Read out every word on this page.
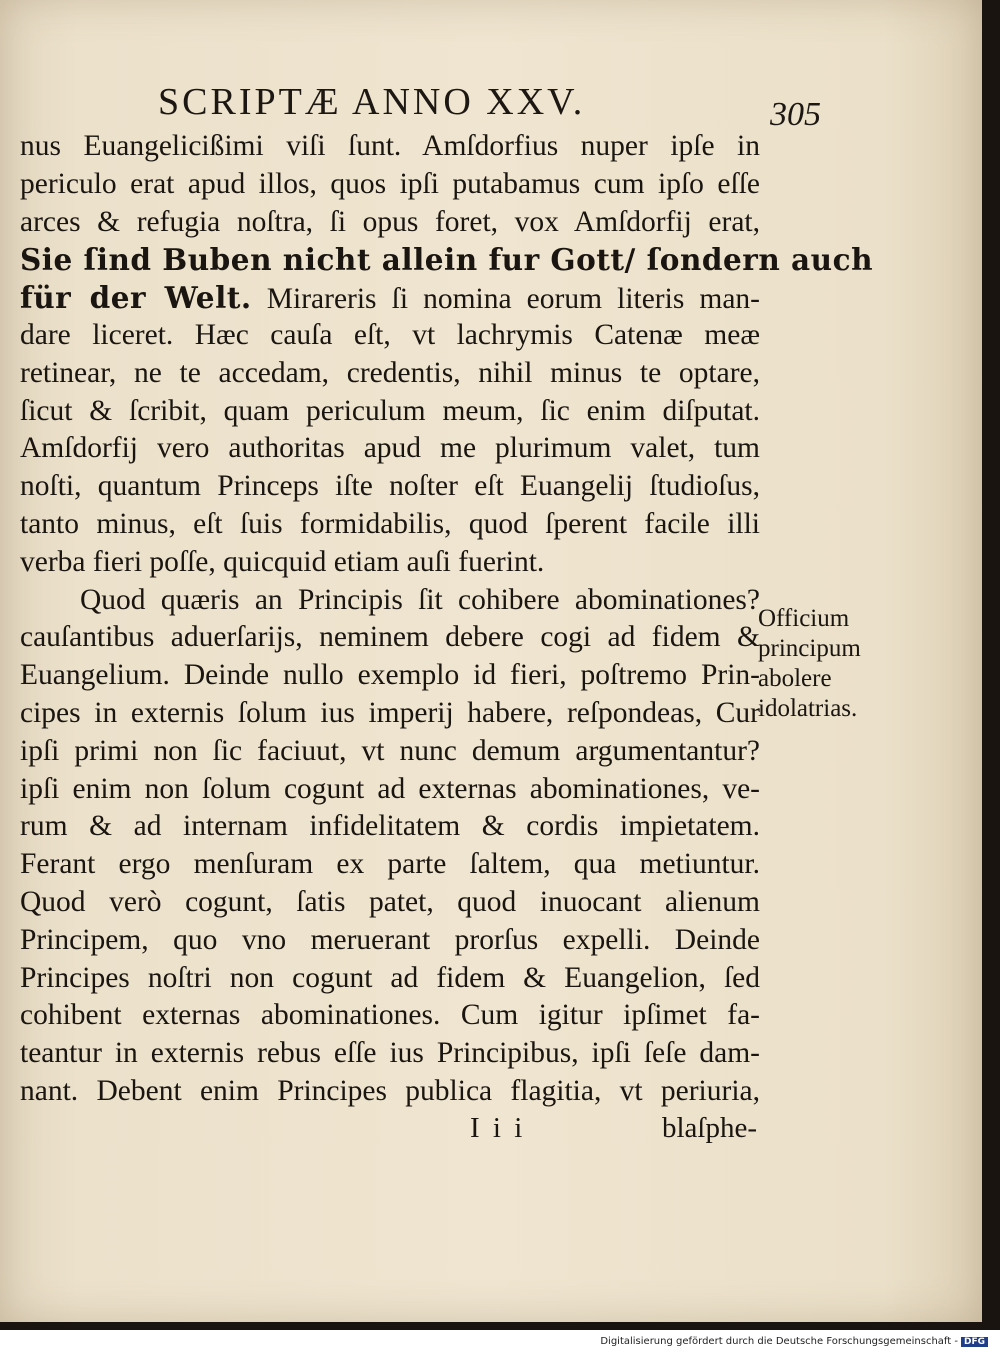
SCRIPTÆ ANNO XXV.	305
nus Euangelicißimi viſi ſunt. Amſdorfius nuper ipſe in
periculo erat apud illos, quos ipſi putabamus cum ipſo eſſe
arces & refugia noſtra, ſi opus foret, vox Amſdorfij erat,
Sie ſind Buben nicht allein fur Gott/ ſondern auch
für der Welt. Mirareris ſi nomina eorum literis man-
dare liceret. Hæc cauſa eſt, vt lachrymis Catenæ meæ
retinear, ne te accedam, credentis, nihil minus te optare,
ſicut & ſcribit, quam periculum meum, ſic enim diſputat.
Amſdorfij vero authoritas apud me plurimum valet, tum
noſti, quantum Princeps iſte noſter eſt Euangelij ſtudioſus,
tanto minus, eſt ſuis formidabilis, quod ſperent facile illi
verba fieri poſſe, quicquid etiam auſi fuerint.
Quod quæris an Principis ſit cohibere abominationes?
cauſantibus aduerſarijs, neminem debere cogi ad fidem &
Euangelium. Deinde nullo exemplo id fieri, poſtremo Prin-
cipes in externis ſolum ius imperij habere, reſpondeas, Cur
ipſi primi non ſic faciuut, vt nunc demum argumentantur?
ipſi enim non ſolum cogunt ad externas abominationes, ve-
rum & ad internam infidelitatem & cordis impietatem.
Ferant ergo menſuram ex parte ſaltem, qua metiuntur.
Quod verò cogunt, ſatis patet, quod inuocant alienum
Principem, quo vno meruerant prorſus expelli. Deinde
Principes noſtri non cogunt ad fidem & Euangelion, ſed
cohibent externas abominationes. Cum igitur ipſimet fa-
teantur in externis rebus eſſe ius Principibus, ipſi ſeſe dam-
nant. Debent enim Principes publica flagitia, vt periuria,
Officium
principum
abolere
idolatrias.
I i i	blaſphe-
Digitalisierung gefördert durch die Deutsche Forschungsgemeinschaft - DFG
